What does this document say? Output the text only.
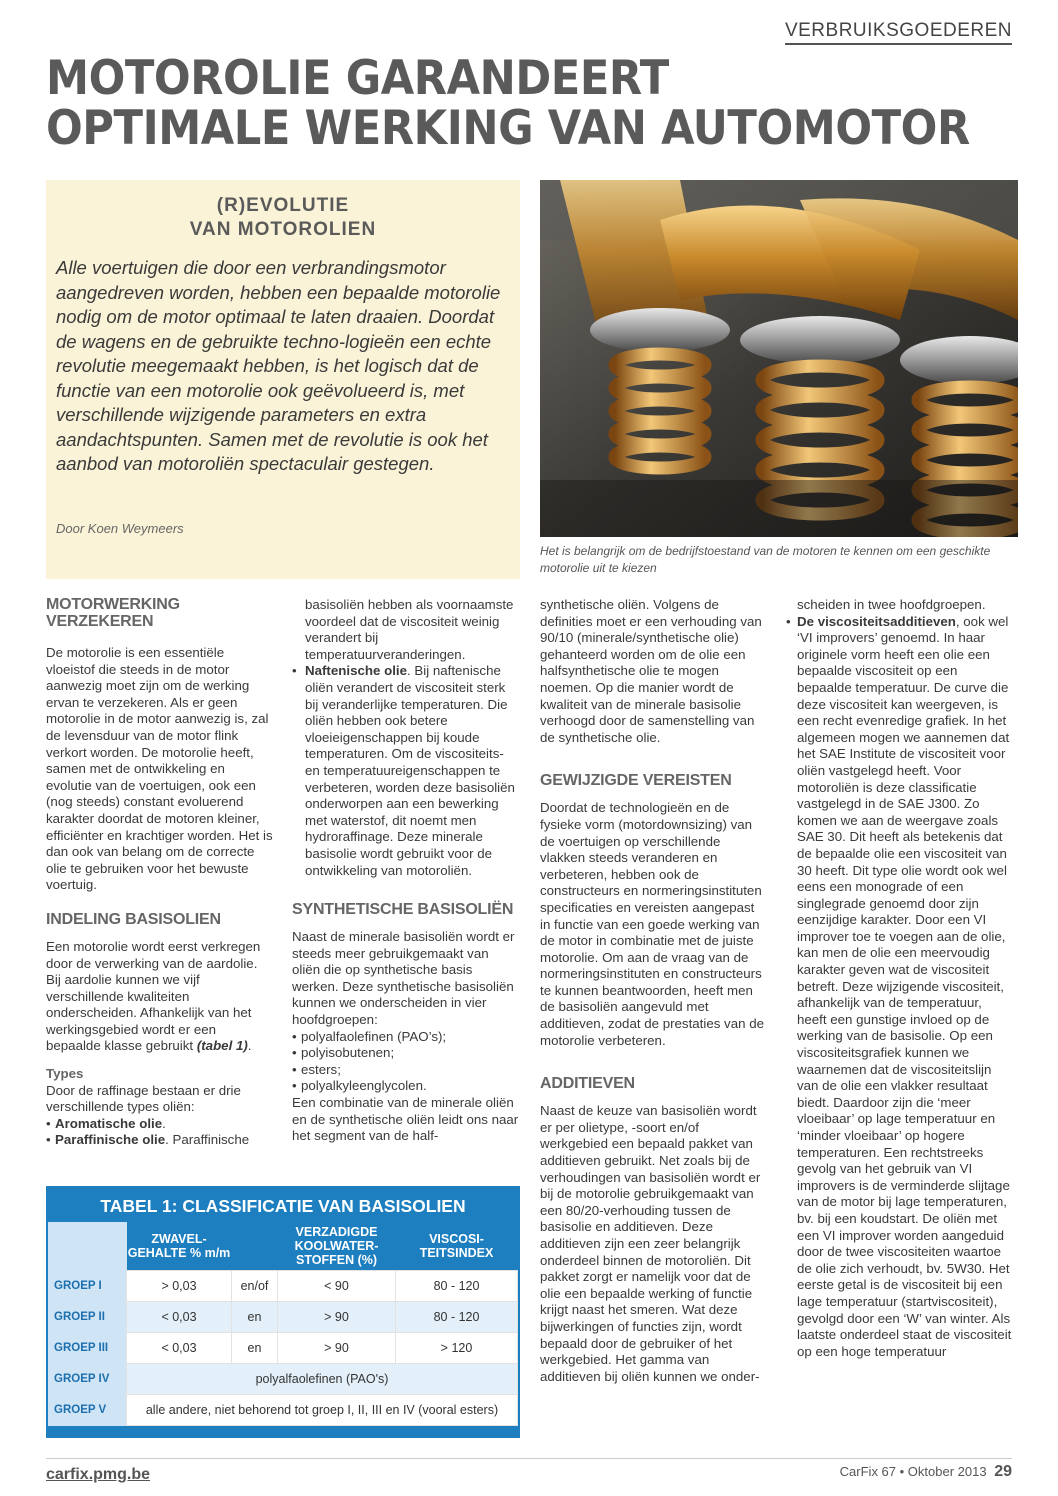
VERBRUIKSGOEDEREN
MOTOROLIE GARANDEERT
OPTIMALE WERKING VAN AUTOMOTOR
(R)EVOLUTIE
VAN MOTOROLIEN
Alle voertuigen die door een verbrandingsmotor aangedreven worden, hebben een bepaalde motorolie nodig om de motor optimaal te laten draaien. Doordat de wagens en de gebruikte techno-logieën een echte revolutie meegemaakt hebben, is het logisch dat de functie van een motorolie ook geëvolueerd is, met verschillende wijzigende parameters en extra aandachtspunten. Samen met de revolutie is ook het aanbod van motoroliën spectaculair gestegen.
Door Koen Weymeers
Het is belangrijk om de bedrijfstoestand van de motoren te kennen om een geschikte motorolie uit te kiezen
MOTORWERKING
VERZEKEREN

De motorolie is een essentiële vloeistof die steeds in de motor aanwezig moet zijn om de werking ervan te verzekeren. Als er geen motorolie in de motor aanwezig is, zal de levensduur van de motor flink verkort worden. De motorolie heeft, samen met de ontwikkeling en evolutie van de voertuigen, ook een (nog steeds) constant evoluerend karakter doordat de motoren kleiner, efficiënter en krachtiger worden. Het is dan ook van belang om de correcte olie te gebruiken voor het bewuste voertuig.

INDELING BASISOLIEN

Een motorolie wordt eerst verkregen door de verwerking van de aardolie. Bij aardolie kunnen we vijf verschillende kwaliteiten onderscheiden. Afhankelijk van het werkingsgebied wordt er een bepaalde klasse gebruikt (tabel 1).

Types

Door de raffinage bestaan er drie verschillende types oliën:

• Aromatische olie.
• Paraffinische olie. Paraffinische

basisoliën hebben als voornaamste voordeel dat de viscositeit weinig verandert bij temperatuurveranderingen.

• Naftenische olie. Bij naftenische oliën verandert de viscositeit sterk bij veranderlijke temperaturen. Die oliën hebben ook betere vloeieigenschappen bij koude temperaturen. Om de viscositeits- en temperatuureigenschappen te verbeteren, worden deze basisoliën onderworpen aan een bewerking met waterstof, dit noemt men hydroraffinage. Deze minerale basisolie wordt gebruikt voor de ontwikkeling van motoroliën.
SYNTHETISCHE BASISOLIËN

Naast de minerale basisoliën wordt er steeds meer gebruikgemaakt van oliën die op synthetische basis werken. Deze synthetische basisoliën kunnen we onderscheiden in vier hoofdgroepen:

• polyalfaolefinen (PAO’s);
• polyisobutenen;
• esters;
• polyalkyleenglycolen.

Een combinatie van de minerale oliën en de synthetische oliën leidt ons naar het segment van de half-

synthetische oliën. Volgens de definities moet er een verhouding van 90/10 (minerale/synthetische olie) gehanteerd worden om de olie een halfsynthetische olie te mogen noemen. Op die manier wordt de kwaliteit van de minerale basisolie verhoogd door de samenstelling van de synthetische olie.

GEWIJZIGDE VEREISTEN

Doordat de technologieën en de fysieke vorm (motordownsizing) van de voertuigen op verschillende vlakken steeds veranderen en verbeteren, hebben ook de constructeurs en normeringsinstituten specificaties en vereisten aangepast in functie van een goede werking van de motor in combinatie met de juiste motorolie. Om aan de vraag van de normeringsinstituten en constructeurs te kunnen beantwoorden, heeft men de basisoliën aangevuld met additieven, zodat de prestaties van de motorolie verbeteren.

ADDITIEVEN

Naast de keuze van basisoliën wordt er per olietype, -soort en/of werkgebied een bepaald pakket van additieven gebruikt. Net zoals bij de verhoudingen van basisoliën wordt er bij de motorolie gebruikgemaakt van een 80/20-verhouding tussen de basisolie en additieven. Deze additieven zijn een zeer belangrijk onderdeel binnen de motoroliën. Dit pakket zorgt er namelijk voor dat de olie een bepaalde werking of functie krijgt naast het smeren. Wat deze bijwerkingen of functies zijn, wordt bepaald door de gebruiker of het werkgebied. Het gamma van additieven bij oliën kunnen we onder-

scheiden in twee hoofdgroepen.

• De viscositeitsadditieven, ook wel ‘VI improvers’ genoemd. In haar originele vorm heeft een olie een bepaalde viscositeit op een bepaalde temperatuur. De curve die deze viscositeit kan weergeven, is een recht evenredige grafiek. In het algemeen mogen we aannemen dat het SAE Institute de viscositeit voor oliën vastgelegd heeft. Voor motoroliën is deze classificatie vastgelegd in de SAE J300. Zo komen we aan de weergave zoals SAE 30. Dit heeft als betekenis dat de bepaalde olie een viscositeit van 30 heeft. Dit type olie wordt ook wel eens een monograde of een singlegrade genoemd door zijn eenzijdige karakter. Door een VI improver toe te voegen aan de olie, kan men de olie een meervoudig karakter geven wat de viscositeit betreft. Deze wijzigende viscositeit, afhankelijk van de temperatuur, heeft een gunstige invloed op de werking van de basisolie. Op een viscositeitsgrafiek kunnen we waarnemen dat de viscositeitslijn van de olie een vlakker resultaat biedt. Daardoor zijn die ‘meer vloeibaar’ op lage temperatuur en ‘minder vloeibaar’ op hogere temperaturen. Een rechtstreeks gevolg van het gebruik van VI improvers is de verminderde slijtage van de motor bij lage temperaturen, bv. bij een koudstart. De oliën met een VI improver worden aangeduid door de twee viscositeiten waartoe de olie zich verhoudt, bv. 5W30. Het eerste getal is de viscositeit bij een lage temperatuur (startviscositeit), gevolgd door een ‘W’ van winter. Als laatste onderdeel staat de viscositeit op een hoge temperatuur
TABEL 1: CLASSIFICATIE VAN BASISOLIEN
	ZWAVEL-GEHALTE % m/m		VERZADIGDE KOOLWATER-STOFFEN (%)	VISCOSI-TEITSINDEX
GROEP I	> 0,03	en/of	< 90	80 - 120
GROEP II	< 0,03	en	> 90	80 - 120
GROEP III	< 0,03	en	> 90	> 120
GROEP IV	polyalfaolefinen (PAO's)			
GROEP V	alle andere, niet behorend tot groep I, II, III en IV (vooral esters)			
carfix.pmg.be	CarFix 67 • Oktober 2013 29
